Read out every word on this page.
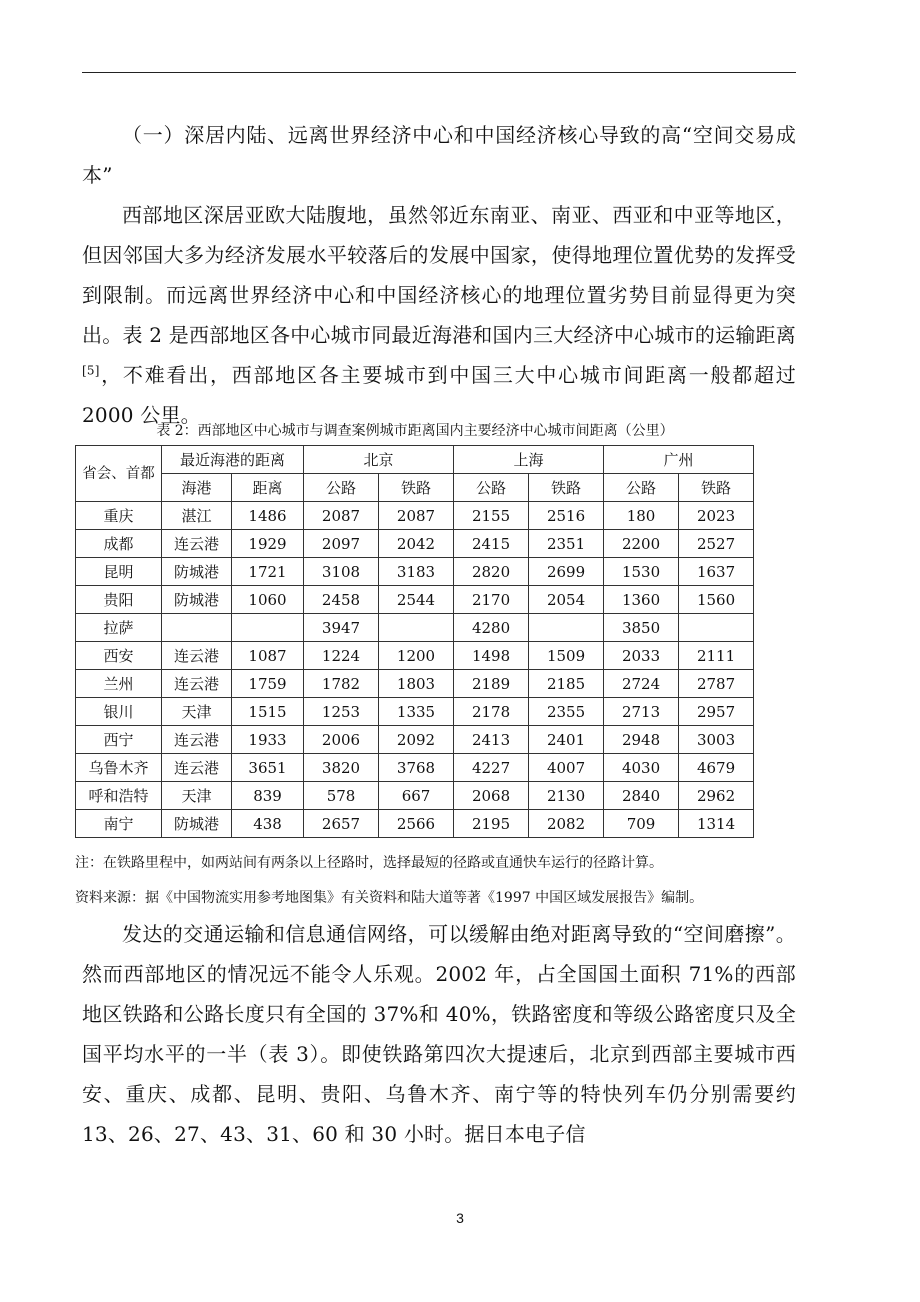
（一）深居内陆、远离世界经济中心和中国经济核心导致的高“空间交易成本”

西部地区深居亚欧大陆腹地，虽然邻近东南亚、南亚、西亚和中亚等地区，但因邻国大多为经济发展水平较落后的发展中国家，使得地理位置优势的发挥受到限制。而远离世界经济中心和中国经济核心的地理位置劣势目前显得更为突出。表 2 是西部地区各中心城市同最近海港和国内三大经济中心城市的运输距离[5]，不难看出，西部地区各主要城市到中国三大中心城市间距离一般都超过 2000 公里。

表 2：西部地区中心城市与调查案例城市距离国内主要经济中心城市间距离（公里）
省会、首都	最近海港的距离		北京		上海		广州	
	海港	距离	公路	铁路	公路	铁路	公路	铁路
重庆	湛江	1486	2087	2087	2155	2516	180	2023
成都	连云港	1929	2097	2042	2415	2351	2200	2527
昆明	防城港	1721	3108	3183	2820	2699	1530	1637
贵阳	防城港	1060	2458	2544	2170	2054	1360	1560
拉萨			3947		4280		3850	
西安	连云港	1087	1224	1200	1498	1509	2033	2111
兰州	连云港	1759	1782	1803	2189	2185	2724	2787
银川	天津	1515	1253	1335	2178	2355	2713	2957
西宁	连云港	1933	2006	2092	2413	2401	2948	3003
乌鲁木齐	连云港	3651	3820	3768	4227	4007	4030	4679
呼和浩特	天津	839	578	667	2068	2130	2840	2962
南宁	防城港	438	2657	2566	2195	2082	709	1314
注：在铁路里程中，如两站间有两条以上径路时，选择最短的径路或直通快车运行的径路计算。
资料来源：据《中国物流实用参考地图集》有关资料和陆大道等著《1997 中国区域发展报告》编制。

发达的交通运输和信息通信网络，可以缓解由绝对距离导致的“空间磨擦”。然而西部地区的情况远不能令人乐观。2002 年，占全国国土面积 71%的西部地区铁路和公路长度只有全国的 37%和 40%，铁路密度和等级公路密度只及全国平均水平的一半（表 3）。即使铁路第四次大提速后，北京到西部主要城市西安、重庆、成都、昆明、贵阳、乌鲁木齐、南宁等的特快列车仍分别需要约 13、26、27、43、31、60 和 30 小时。据日本电子信

3
